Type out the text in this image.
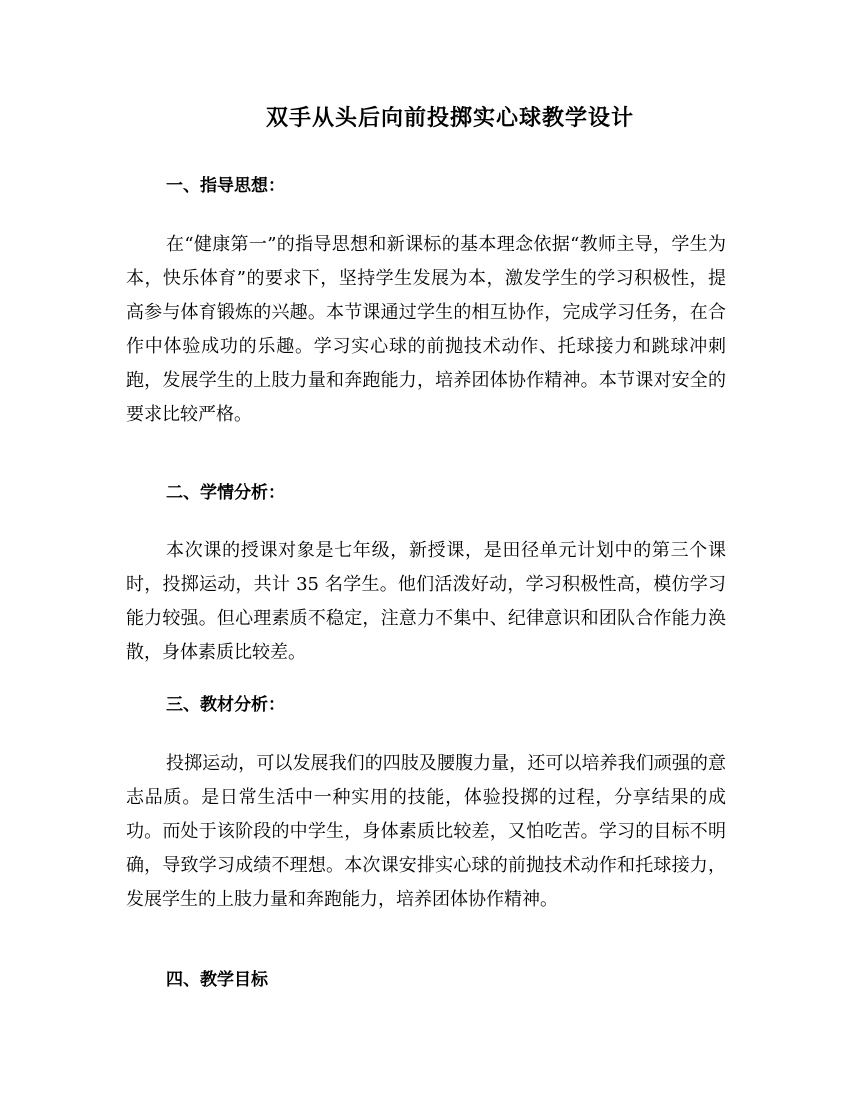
双手从头后向前投掷实心球教学设计
一、指导思想：

在“健康第一”的指导思想和新课标的基本理念依据“教师主导，学生为本，快乐体育”的要求下，坚持学生发展为本，激发学生的学习积极性，提高参与体育锻炼的兴趣。本节课通过学生的相互协作，完成学习任务，在合作中体验成功的乐趣。学习实心球的前抛技术动作、托球接力和跳球冲刺跑，发展学生的上肢力量和奔跑能力，培养团体协作精神。本节课对安全的要求比较严格。

二、学情分析：

本次课的授课对象是七年级，新授课，是田径单元计划中的第三个课时，投掷运动，共计 35 名学生。他们活泼好动，学习积极性高，模仿学习能力较强。但心理素质不稳定，注意力不集中、纪律意识和团队合作能力涣散，身体素质比较差。

三、教材分析：

投掷运动，可以发展我们的四肢及腰腹力量，还可以培养我们顽强的意志品质。是日常生活中一种实用的技能，体验投掷的过程，分享结果的成功。而处于该阶段的中学生，身体素质比较差，又怕吃苦。学习的目标不明确，导致学习成绩不理想。本次课安排实心球的前抛技术动作和托球接力，发展学生的上肢力量和奔跑能力，培养团体协作精神。

四、教学目标
